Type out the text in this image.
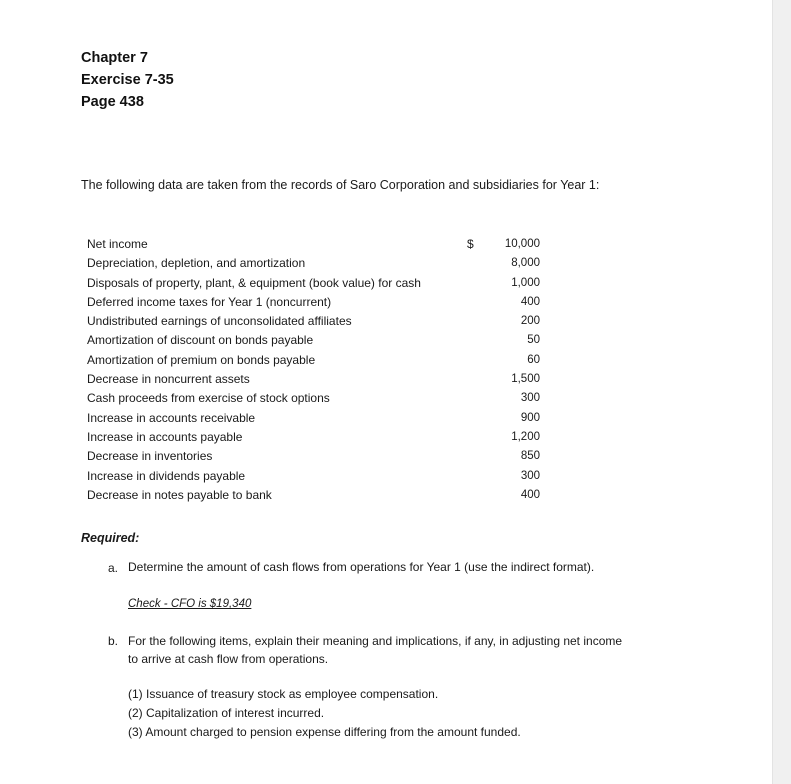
Chapter 7
Exercise 7-35
Page 438
The following data are taken from the records of Saro Corporation and subsidiaries for Year 1:
Net income	$	10,000
Depreciation, depletion, and amortization	8,000
Disposals of property, plant, & equipment (book value) for cash	1,000
Deferred income taxes for Year 1 (noncurrent)	400
Undistributed earnings of unconsolidated affiliates	200
Amortization of discount on bonds payable	50
Amortization of premium on bonds payable	60
Decrease in noncurrent assets	1,500
Cash proceeds from exercise of stock options	300
Increase in accounts receivable	900
Increase in accounts payable	1,200
Decrease in inventories	850
Increase in dividends payable	300
Decrease in notes payable to bank	400
Required:
a. Determine the amount of cash flows from operations for Year 1 (use the indirect format).
Check - CFO is $19,340
b. For the following items, explain their meaning and implications, if any, in adjusting net income
to arrive at cash flow from operations.
(1) Issuance of treasury stock as employee compensation.
(2) Capitalization of interest incurred.
(3) Amount charged to pension expense differing from the amount funded.
